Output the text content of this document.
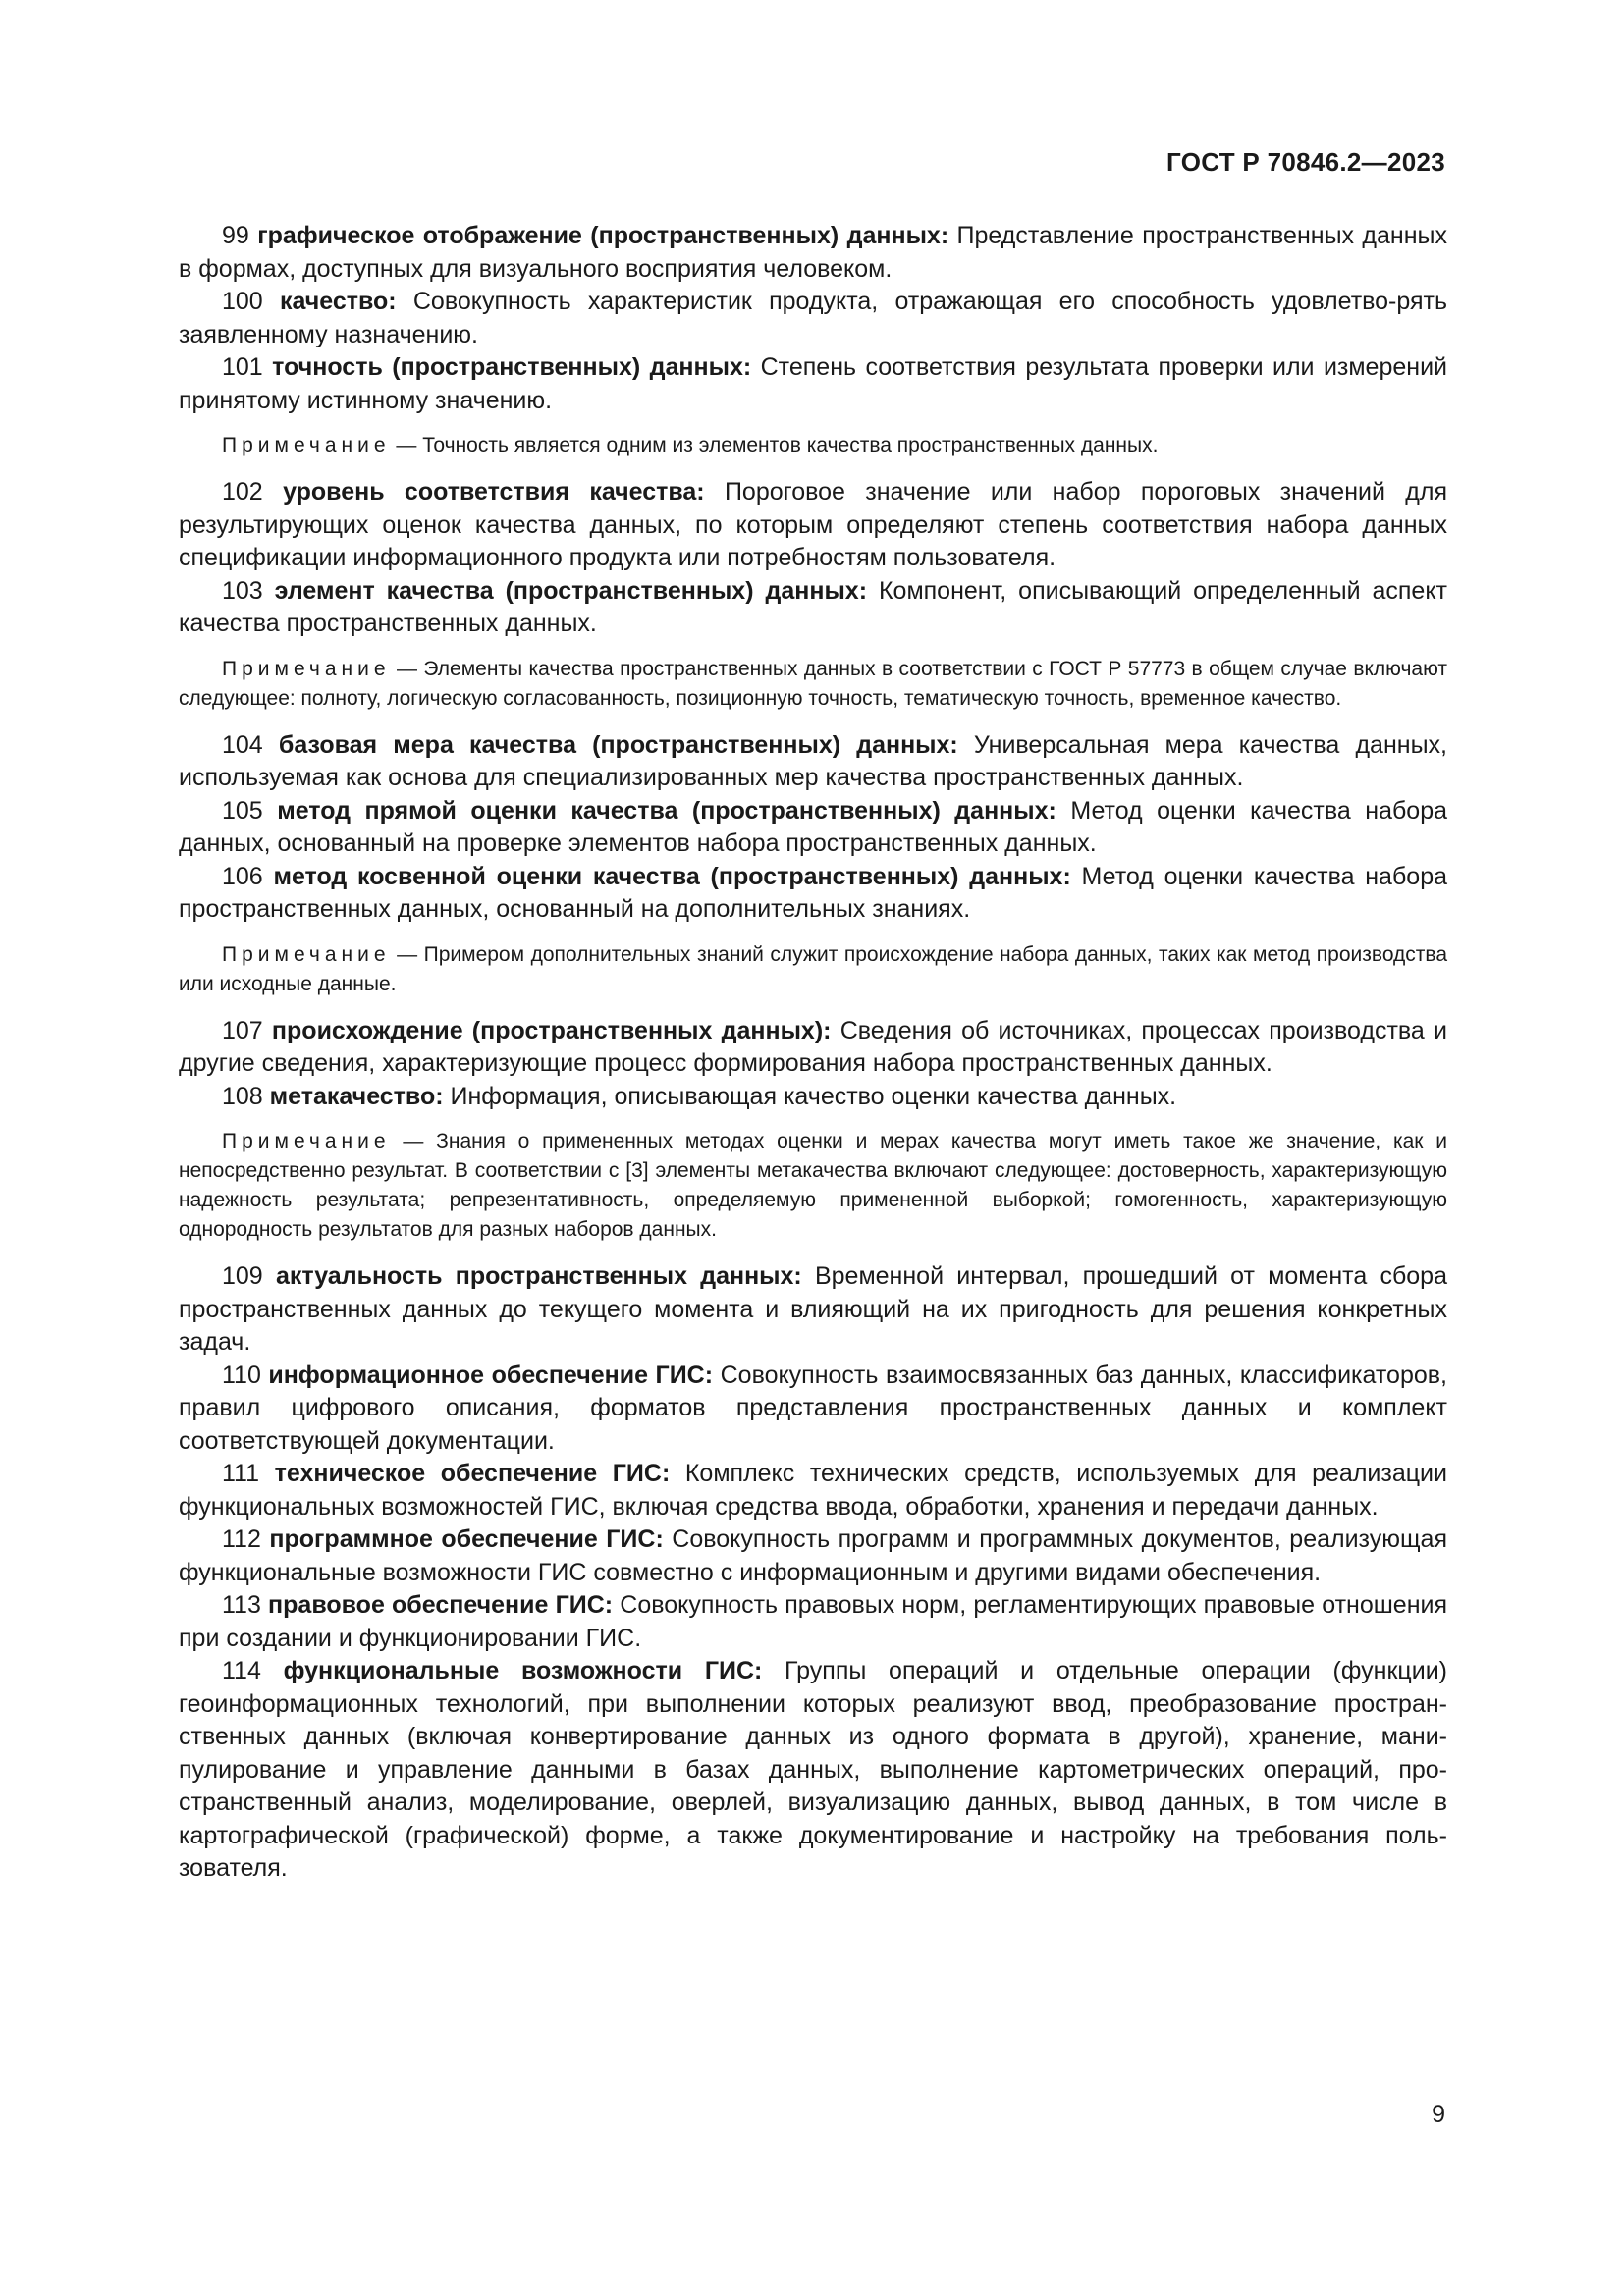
ГОСТ Р 70846.2—2023

99 графическое отображение (пространственных) данных: Представление пространственных данных в формах, доступных для визуального восприятия человеком.

100 качество: Совокупность характеристик продукта, отражающая его способность удовлетво-рять заявленному назначению.

101 точность (пространственных) данных: Степень соответствия результата проверки или измерений принятому истинному значению.

Примечание — Точность является одним из элементов качества пространственных данных.

102 уровень соответствия качества: Пороговое значение или набор пороговых значений для результирующих оценок качества данных, по которым определяют степень соответствия набора данных спецификации информационного продукта или потребностям пользователя.

103 элемент качества (пространственных) данных: Компонент, описывающий определенный аспект качества пространственных данных.

Примечание — Элементы качества пространственных данных в соответствии с ГОСТ Р 57773 в общем случае включают следующее: полноту, логическую согласованность, позиционную точность, тематическую точность, временное качество.

104 базовая мера качества (пространственных) данных: Универсальная мера качества данных, используемая как основа для специализированных мер качества пространственных данных.

105 метод прямой оценки качества (пространственных) данных: Метод оценки качества набора данных, основанный на проверке элементов набора пространственных данных.

106 метод косвенной оценки качества (пространственных) данных: Метод оценки качества набора пространственных данных, основанный на дополнительных знаниях.

Примечание — Примером дополнительных знаний служит происхождение набора данных, таких как метод производства или исходные данные.

107 происхождение (пространственных данных): Сведения об источниках, процессах производства и другие сведения, характеризующие процесс формирования набора пространственных данных.

108 метакачество: Информация, описывающая качество оценки качества данных.

Примечание — Знания о примененных методах оценки и мерах качества могут иметь такое же значение, как и непосредственно результат. В соответствии с [3] элементы метакачества включают следующее: достоверность, характеризующую надежность результата; репрезентативность, определяемую примененной выборкой; гомогенность, характеризующую однородность результатов для разных наборов данных.

109 актуальность пространственных данных: Временной интервал, прошедший от момента сбора пространственных данных до текущего момента и влияющий на их пригодность для решения конкретных задач.

110 информационное обеспечение ГИС: Совокупность взаимосвязанных баз данных, классификаторов, правил цифрового описания, форматов представления пространственных данных и комплект соответствующей документации.

111 техническое обеспечение ГИС: Комплекс технических средств, используемых для реализации функциональных возможностей ГИС, включая средства ввода, обработки, хранения и передачи данных.

112 программное обеспечение ГИС: Совокупность программ и программных документов, реализующая функциональные возможности ГИС совместно с информационным и другими видами обеспечения.

113 правовое обеспечение ГИС: Совокупность правовых норм, регламентирующих правовые отношения при создании и функционировании ГИС.

114 функциональные возможности ГИС: Группы операций и отдельные операции (функции) геоинформационных технологий, при выполнении которых реализуют ввод, преобразование пространственных данных (включая конвертирование данных из одного формата в другой), хранение, манипулирование и управление данными в базах данных, выполнение картометрических операций, пространственный анализ, моделирование, оверлей, визуализацию данных, вывод данных, в том числе в картографической (графической) форме, а также документирование и настройку на требования пользователя.

9
